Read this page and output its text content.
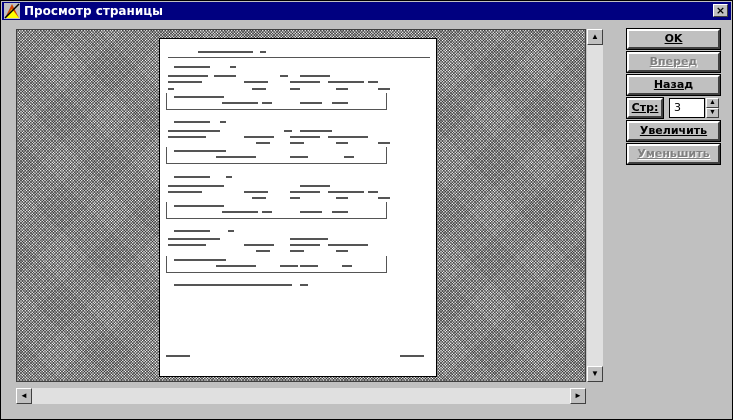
Просмотр страницы	×
▲
▼
◄	►
OK
Вперед
Назад
Стр:	3	▲
▼
Увеличить
Уменьшить
